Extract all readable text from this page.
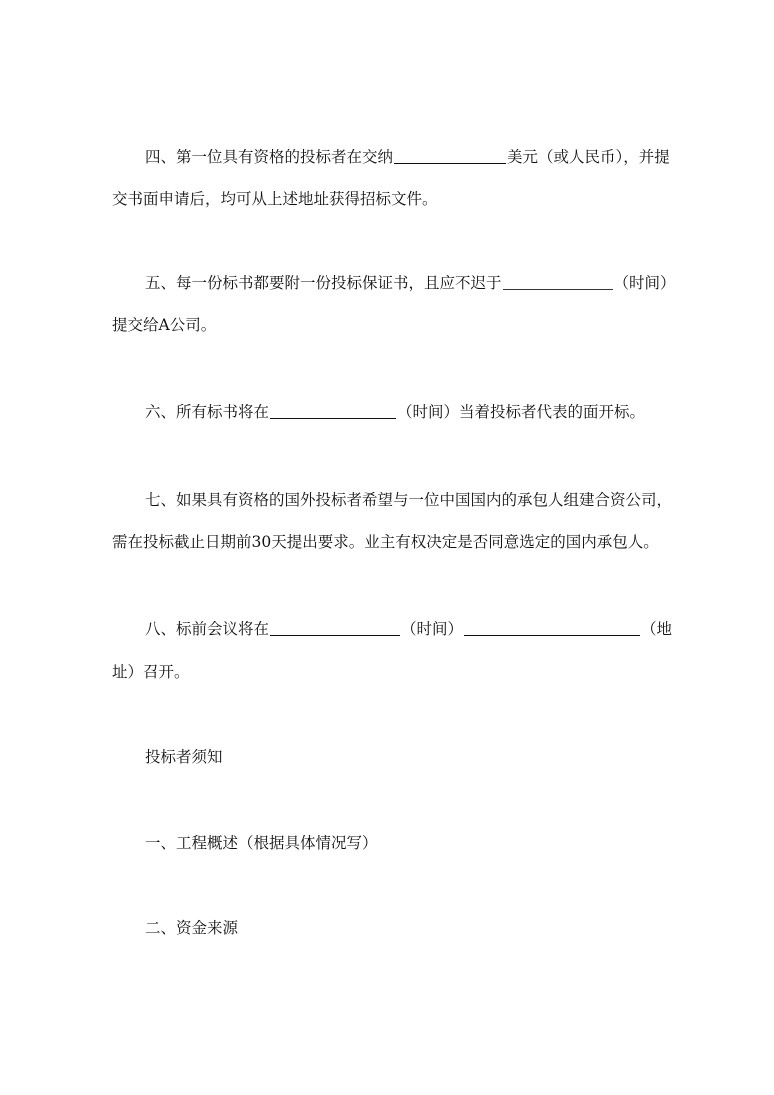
四、第一位具有资格的投标者在交纳	美元（或人民币），并提
交书面申请后，均可从上述地址获得招标文件。
五、每一份标书都要附一份投标保证书，且应不迟于	（时间）
提交给A公司。
六、所有标书将在	（时间）当着投标者代表的面开标。
七、如果具有资格的国外投标者希望与一位中国国内的承包人组建合资公司，
需在投标截止日期前30天提出要求。业主有权决定是否同意选定的国内承包人。
八、标前会议将在	（时间）	（地
址）召开。
投标者须知
一、工程概述（根据具体情况写）
二、资金来源
